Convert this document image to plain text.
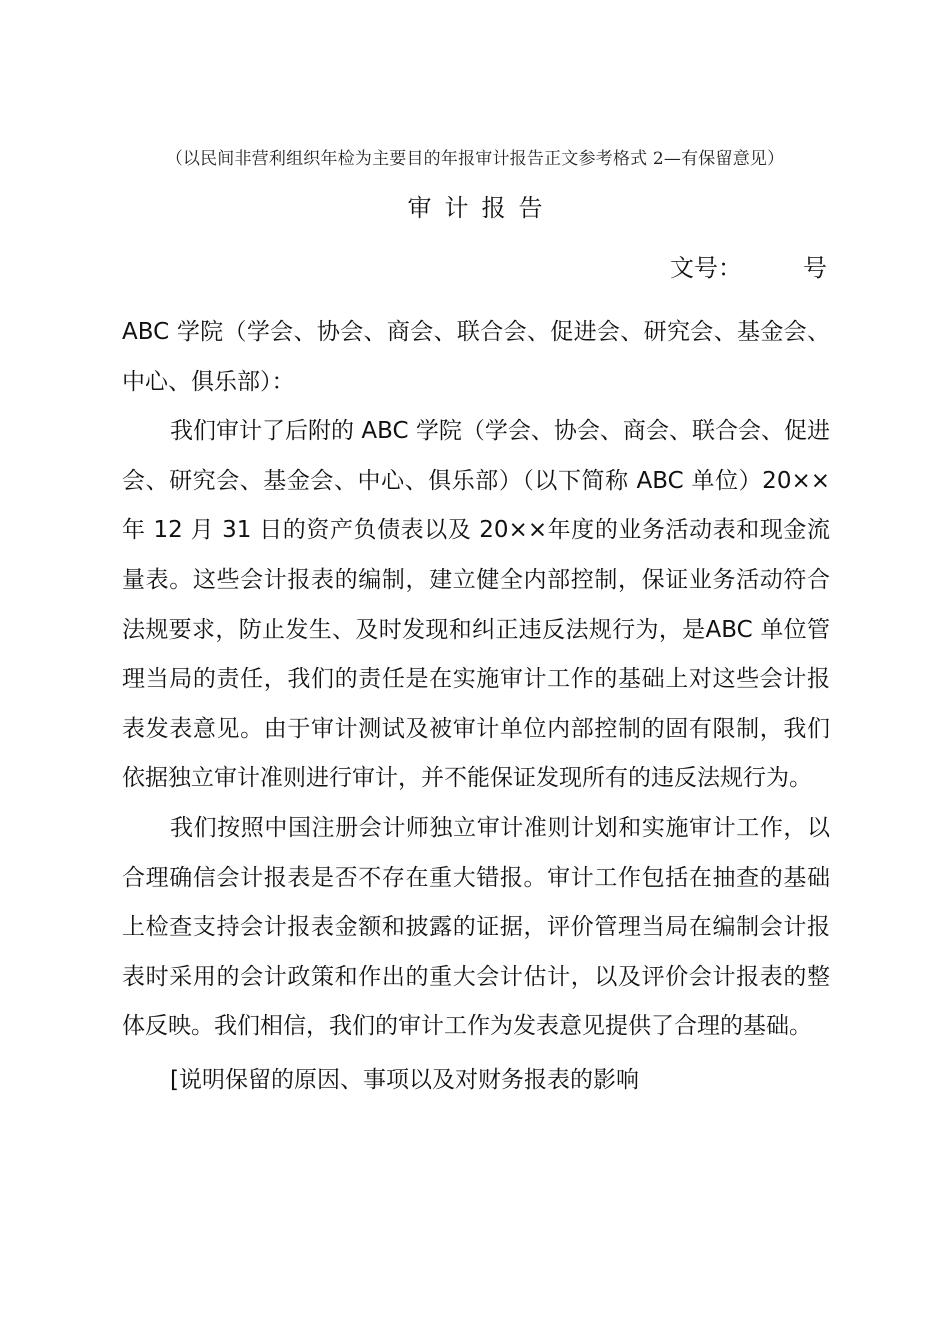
（以民间非营利组织年检为主要目的年报审计报告正文参考格式 2—有保留意见）
审计报告
文号：        号

ABC 学院（学会、协会、商会、联合会、促进会、研究会、基金会、中心、俱乐部）：

我们审计了后附的 ABC 学院（学会、协会、商会、联合会、促进会、研究会、基金会、中心、俱乐部）（以下简称 ABC 单位）20××年 12 月 31 日的资产负债表以及 20××年度的业务活动表和现金流量表。这些会计报表的编制，建立健全内部控制，保证业务活动符合法规要求，防止发生、及时发现和纠正违反法规行为，是ABC 单位管理当局的责任，我们的责任是在实施审计工作的基础上对这些会计报表发表意见。由于审计测试及被审计单位内部控制的固有限制，我们依据独立审计准则进行审计，并不能保证发现所有的违反法规行为。

我们按照中国注册会计师独立审计准则计划和实施审计工作，以合理确信会计报表是否不存在重大错报。审计工作包括在抽查的基础上检查支持会计报表金额和披露的证据，评价管理当局在编制会计报表时采用的会计政策和作出的重大会计估计，以及评价会计报表的整体反映。我们相信，我们的审计工作为发表意见提供了合理的基础。

[说明保留的原因、事项以及对财务报表的影响
